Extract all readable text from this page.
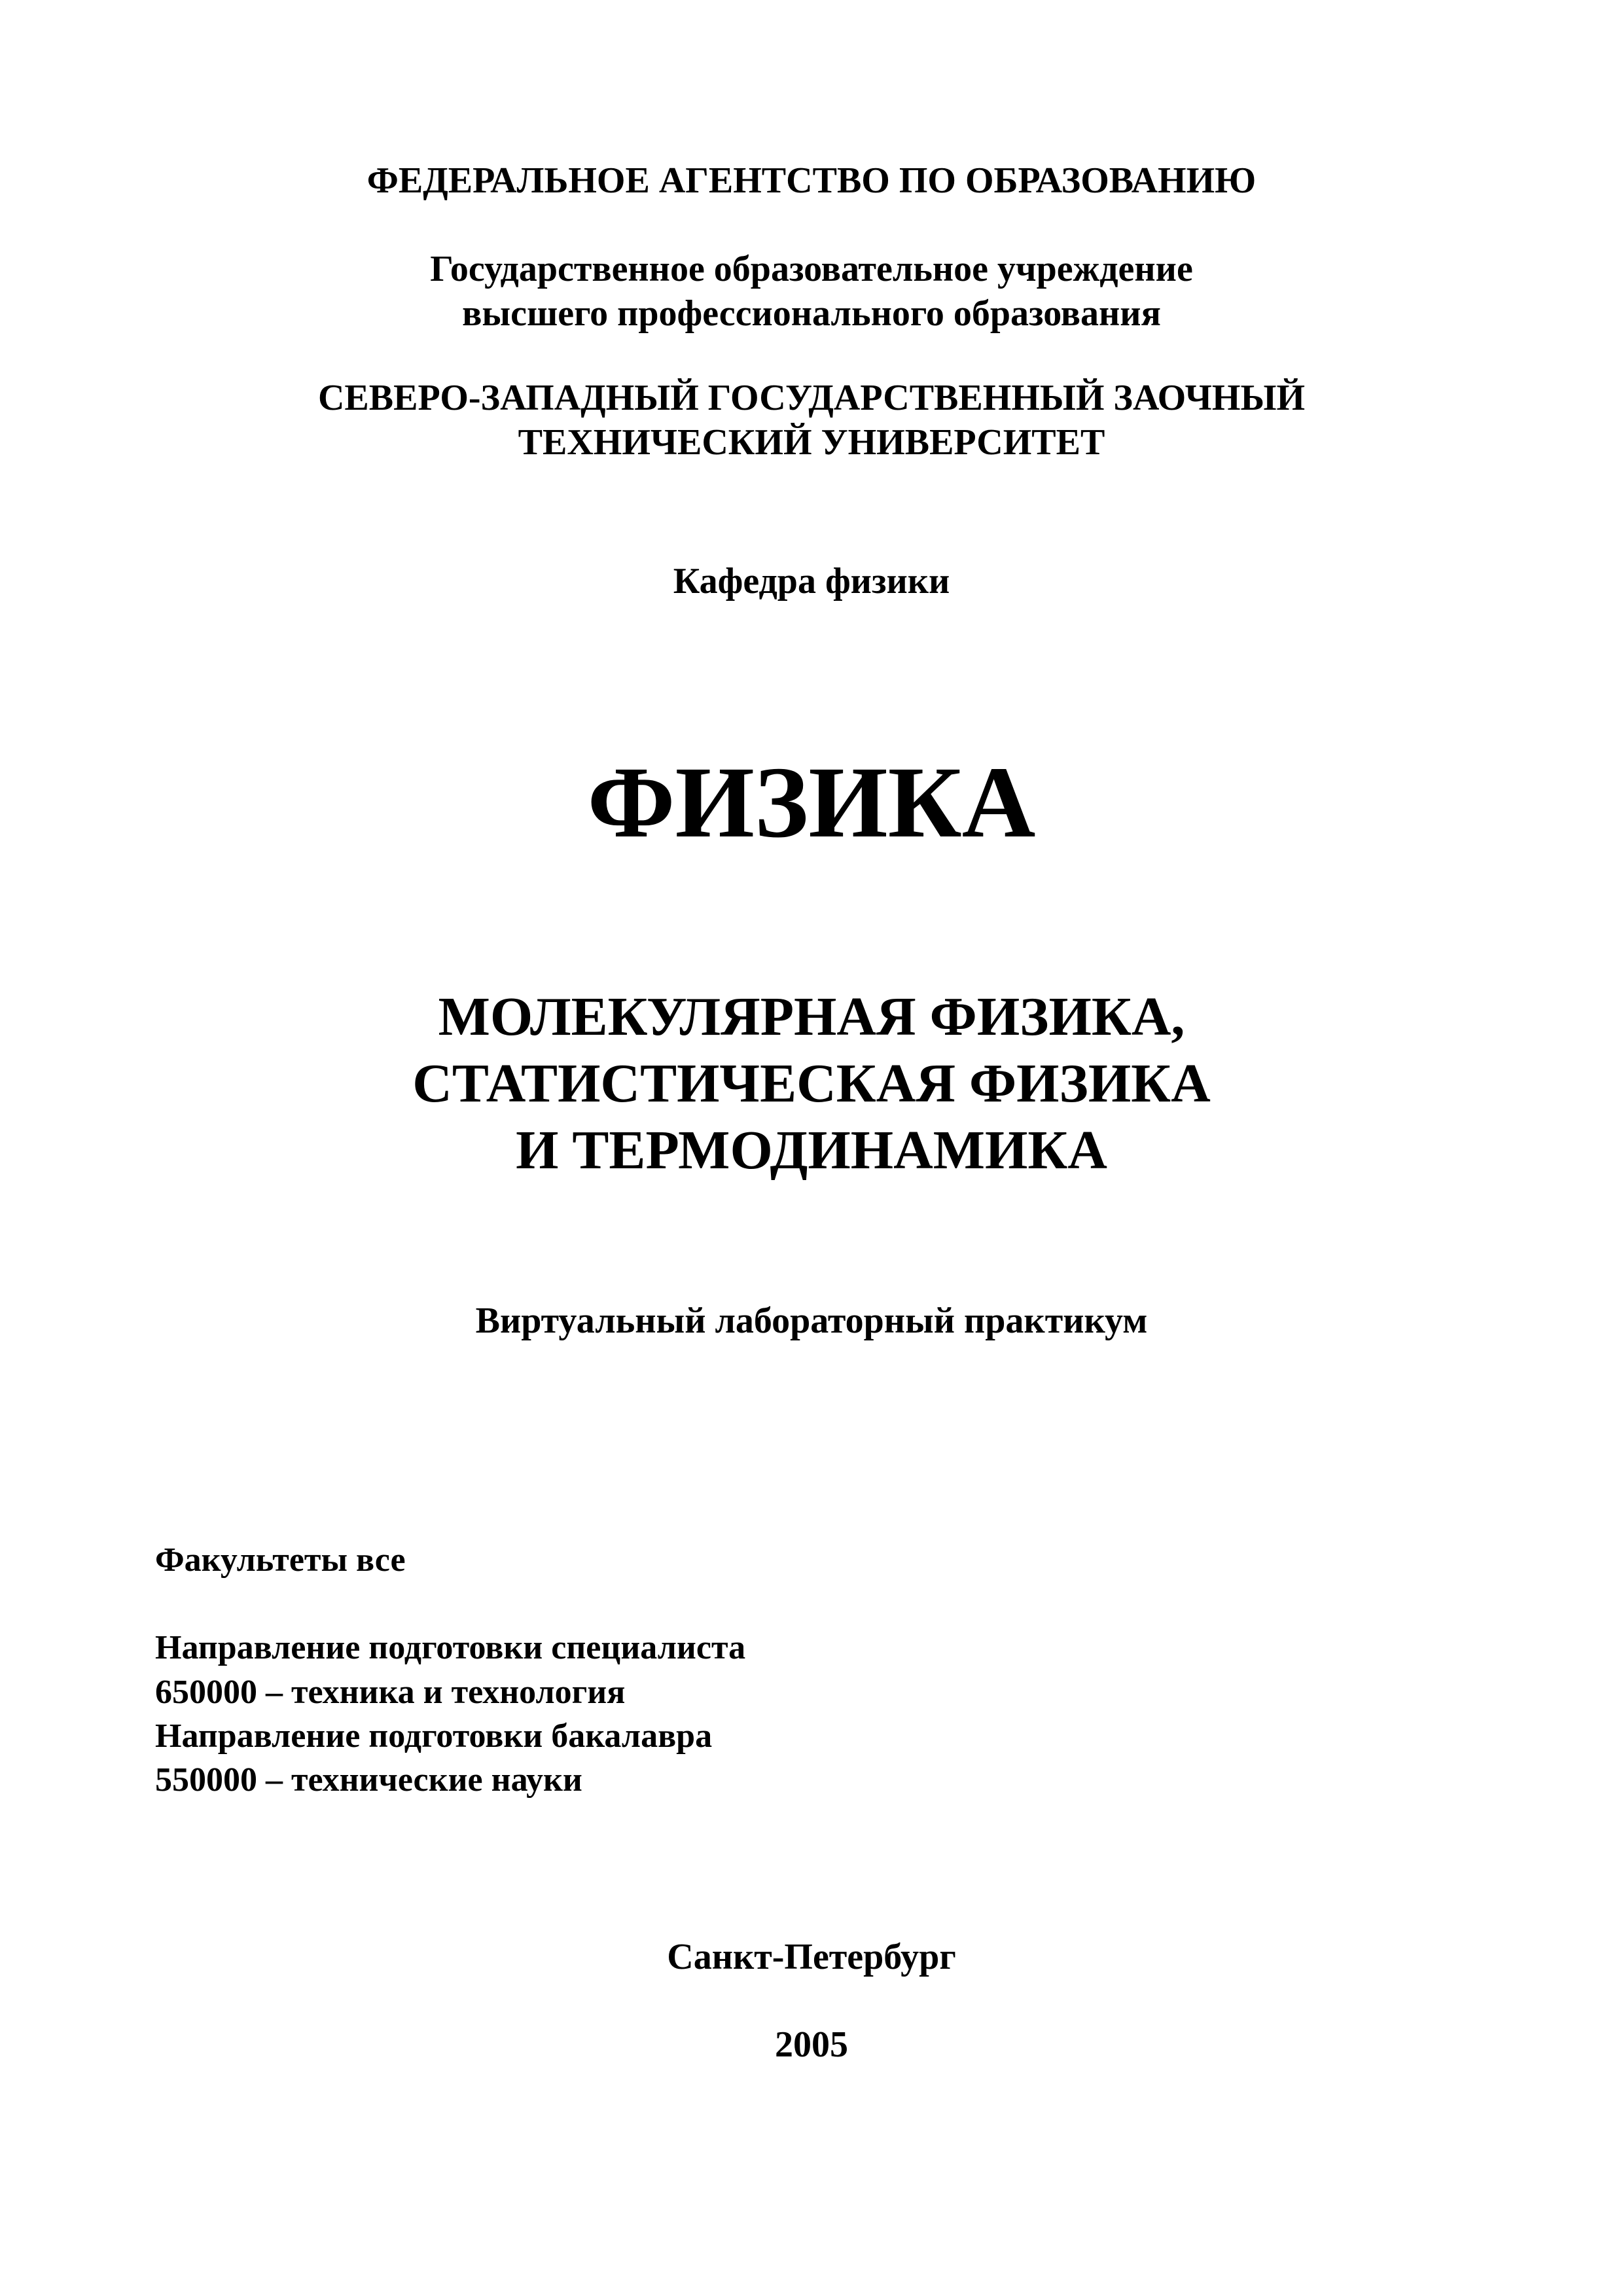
ФЕДЕРАЛЬНОЕ АГЕНТСТВО ПО ОБРАЗОВАНИЮ
Государственное образовательное учреждение
высшего профессионального образования
СЕВЕРО-ЗАПАДНЫЙ ГОСУДАРСТВЕННЫЙ ЗАОЧНЫЙ
ТЕХНИЧЕСКИЙ УНИВЕРСИТЕТ
Кафедра физики
ФИЗИКА
МОЛЕКУЛЯРНАЯ ФИЗИКА,
СТАТИСТИЧЕСКАЯ ФИЗИКА
И ТЕРМОДИНАМИКА
Виртуальный лабораторный практикум
Факультеты все
Направление подготовки специалиста
650000 – техника и технология
Направление подготовки бакалавра
550000 – технические науки
Санкт-Петербург
2005
